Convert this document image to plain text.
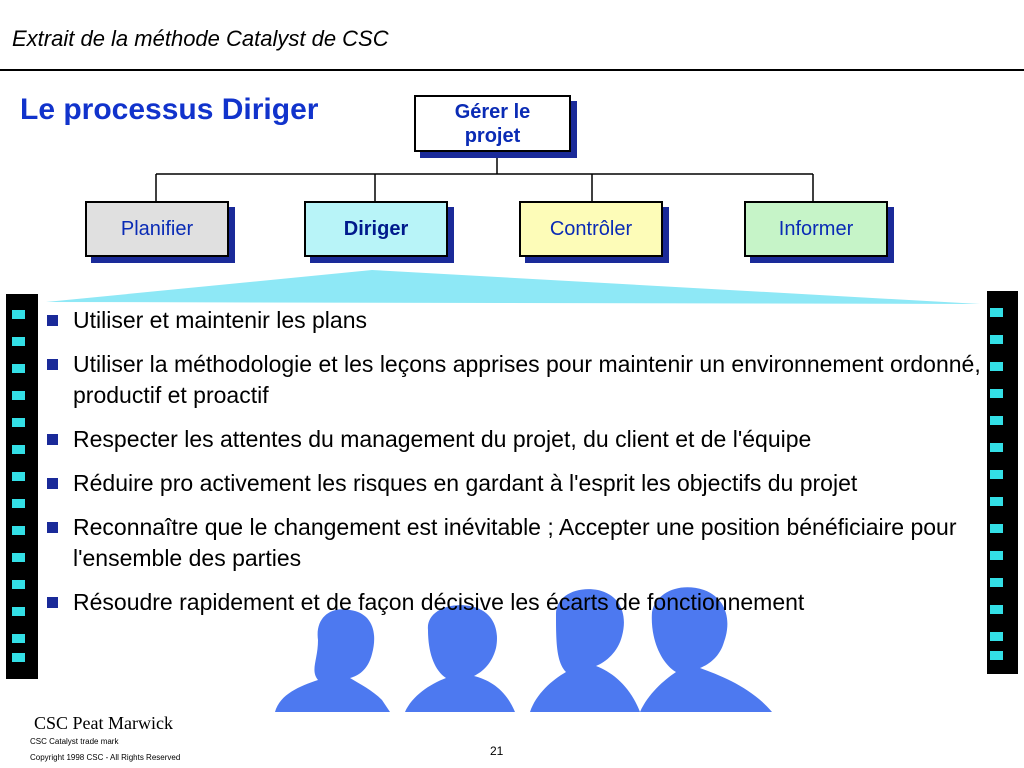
Extrait de la méthode Catalyst de CSC
Le processus Diriger	Gérer le
projet
Planifier	Diriger	Contrôler	Informer
Utiliser et maintenir les plans
Utiliser la méthodologie et les leçons apprises pour maintenir un environnement ordonné, productif et proactif
Respecter les attentes du management du projet, du client et de l'équipe
Réduire pro activement les risques en gardant à l'esprit les objectifs du projet
Reconnaître que le changement est inévitable ; Accepter une position bénéficiaire pour l'ensemble des parties
Résoudre rapidement et de façon décisive les écarts de fonctionnement
CSC Peat Marwick
CSC Catalyst trade mark
Copyright 1998 CSC - All Rights Reserved	21
